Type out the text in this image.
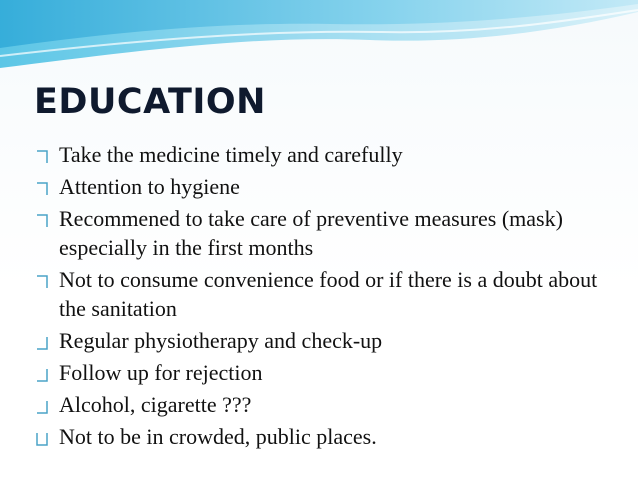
EDUCATION
Take the medicine timely and carefully
Attention to hygiene
Recommened to take care of preventive measures (mask) especially in the first months
Not to consume convenience food or if there is a doubt about the sanitation
Regular physiotherapy and check-up
Follow up for rejection
Alcohol, cigarette ???
Not to be in crowded, public places.
